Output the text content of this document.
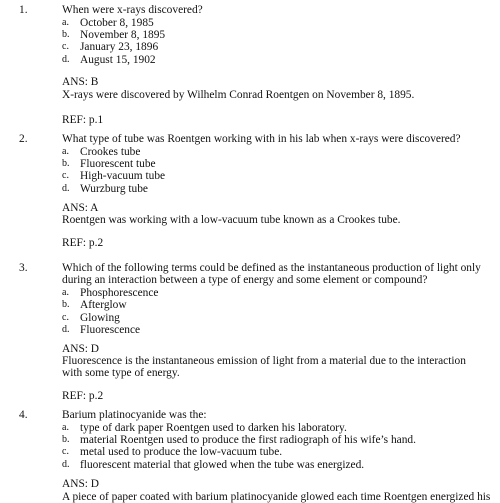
1.	When were x-rays discovered?
a. October 8, 1985
b. November 8, 1895
c. January 23, 1896
d. August 15, 1902
ANS: B
X-rays were discovered by Wilhelm Conrad Roentgen on November 8, 1895.
REF: p.1
2.	What type of tube was Roentgen working with in his lab when x-rays were discovered?
a. Crookes tube
b. Fluorescent tube
c. High-vacuum tube
d. Wurzburg tube
ANS: A
Roentgen was working with a low-vacuum tube known as a Crookes tube.
REF: p.2
3.	Which of the following terms could be defined as the instantaneous production of light only during an interaction between a type of energy and some element or compound?
a. Phosphorescence
b. Afterglow
c. Glowing
d. Fluorescence
ANS: D
Fluorescence is the instantaneous emission of light from a material due to the interaction with some type of energy.
REF: p.2
4.	Barium platinocyanide was the:
a. type of dark paper Roentgen used to darken his laboratory.
b. material Roentgen used to produce the first radiograph of his wife’s hand.
c. metal used to produce the low-vacuum tube.
d. fluorescent material that glowed when the tube was energized.
ANS: D
A piece of paper coated with barium platinocyanide glowed each time Roentgen energized his
